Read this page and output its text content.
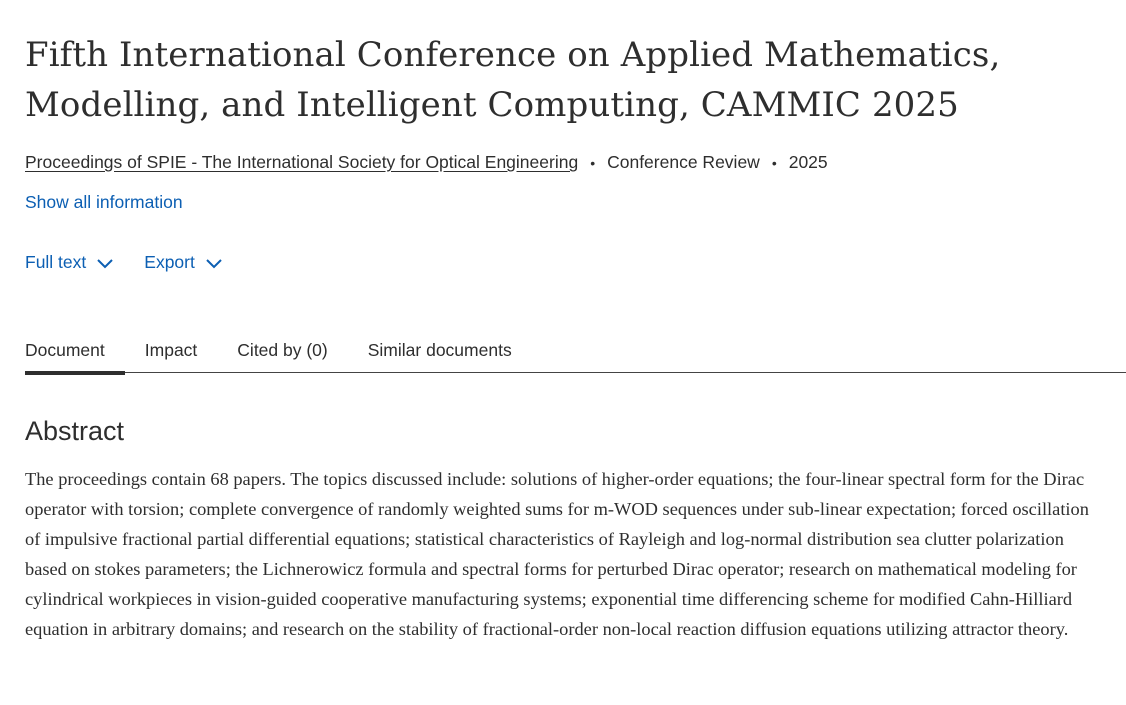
Fifth International Conference on Applied Mathematics, Modelling, and Intelligent Computing, CAMMIC 2025
Proceedings of SPIE - The International Society for Optical Engineering • Conference Review • 2025
Show all information
Full text	Export
Document Impact Cited by (0) Similar documents
Abstract

The proceedings contain 68 papers. The topics discussed include: solutions of higher-order equations; the four-linear spectral form for the Dirac operator with torsion; complete convergence of randomly weighted sums for m-WOD sequences under sub-linear expectation; forced oscillation of impulsive fractional partial differential equations; statistical characteristics of Rayleigh and log-normal distribution sea clutter polarization based on stokes parameters; the Lichnerowicz formula and spectral forms for perturbed Dirac operator; research on mathematical modeling for cylindrical workpieces in vision-guided cooperative manufacturing systems; exponential time differencing scheme for modified Cahn-Hilliard equation in arbitrary domains; and research on the stability of fractional-order non-local reaction diffusion equations utilizing attractor theory.
